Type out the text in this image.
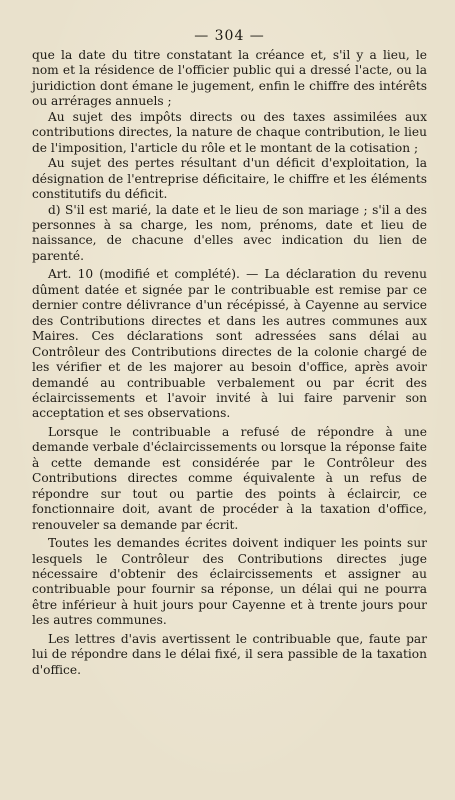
— 304 —

que la date du titre constatant la créance et, s'il y a lieu, le nom et la résidence de l'officier public qui a dressé l'acte, ou la juridiction dont émane le jugement, enfin le chiffre des intérêts ou arrérages annuels ;

Au sujet des impôts directs ou des taxes assimilées aux contributions directes, la nature de chaque contribution, le lieu de l'imposition, l'article du rôle et le montant de la cotisation ;

Au sujet des pertes résultant d'un déficit d'exploitation, la désignation de l'entreprise déficitaire, le chiffre et les éléments constitutifs du déficit.

d) S'il est marié, la date et le lieu de son mariage ; s'il a des personnes à sa charge, les nom, prénoms, date et lieu de naissance, de chacune d'elles avec indication du lien de parenté.

Art. 10 (modifié et complété). — La déclaration du revenu dûment datée et signée par le contribuable est remise par ce dernier contre délivrance d'un récépissé, à Cayenne au service des Contributions directes et dans les autres communes aux Maires. Ces déclarations sont adressées sans délai au Contrôleur des Contributions directes de la colonie chargé de les vérifier et de les majorer au besoin d'office, après avoir demandé au contribuable verbalement ou par écrit des éclaircissements et l'avoir invité à lui faire parvenir son acceptation et ses observations.

Lorsque le contribuable a refusé de répondre à une demande verbale d'éclaircissements ou lorsque la réponse faite à cette demande est considérée par le Contrôleur des Contributions directes comme équivalente à un refus de répondre sur tout ou partie des points à éclaircir, ce fonctionnaire doit, avant de procéder à la taxation d'office, renouveler sa demande par écrit.

Toutes les demandes écrites doivent indiquer les points sur lesquels le Contrôleur des Contributions directes juge nécessaire d'obtenir des éclaircissements et assigner au contribuable pour fournir sa réponse, un délai qui ne pourra être inférieur à huit jours pour Cayenne et à trente jours pour les autres communes.

Les lettres d'avis avertissent le contribuable que, faute par lui de répondre dans le délai fixé, il sera passible de la taxation d'office.
